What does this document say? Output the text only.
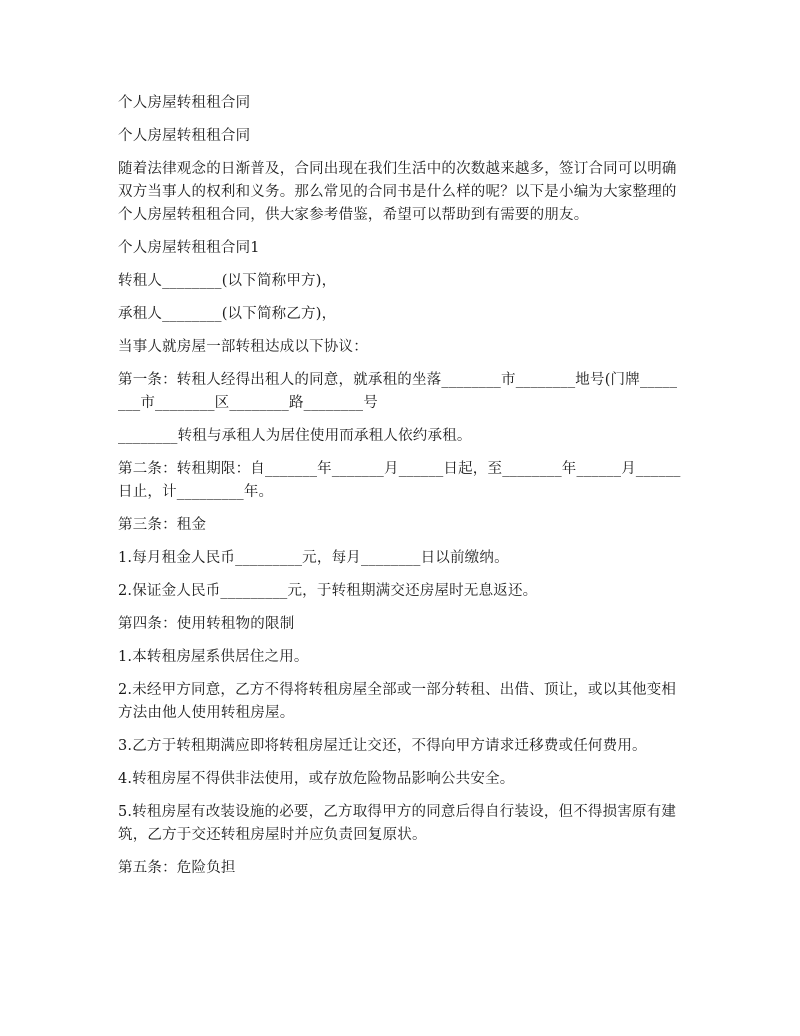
个人房屋转租租合同

个人房屋转租租合同

随着法律观念的日渐普及，合同出现在我们生活中的次数越来越多，签订合同可以明确双方当事人的权利和义务。那么常见的合同书是什么样的呢？以下是小编为大家整理的个人房屋转租租合同，供大家参考借鉴，希望可以帮助到有需要的朋友。

个人房屋转租租合同1

转租人________(以下简称甲方)，

承租人________(以下简称乙方)，

当事人就房屋一部转租达成以下协议：

第一条：转租人经得出租人的同意，就承租的坐落________市________地号(门牌________市________区________路________号

________转租与承租人为居住使用而承租人依约承租。

第二条：转租期限：自_______年_______月______日起，至________年______月______日止，计_________年。

第三条：租金

1.每月租金人民币_________元，每月________日以前缴纳。

2.保证金人民币_________元，于转租期满交还房屋时无息返还。

第四条：使用转租物的限制

1.本转租房屋系供居住之用。

2.未经甲方同意，乙方不得将转租房屋全部或一部分转租、出借、顶让，或以其他变相方法由他人使用转租房屋。

3.乙方于转租期满应即将转租房屋迁让交还，不得向甲方请求迁移费或任何费用。

4.转租房屋不得供非法使用，或存放危险物品影响公共安全。

5.转租房屋有改装设施的必要，乙方取得甲方的同意后得自行装设，但不得损害原有建筑，乙方于交还转租房屋时并应负责回复原状。

第五条：危险负担
